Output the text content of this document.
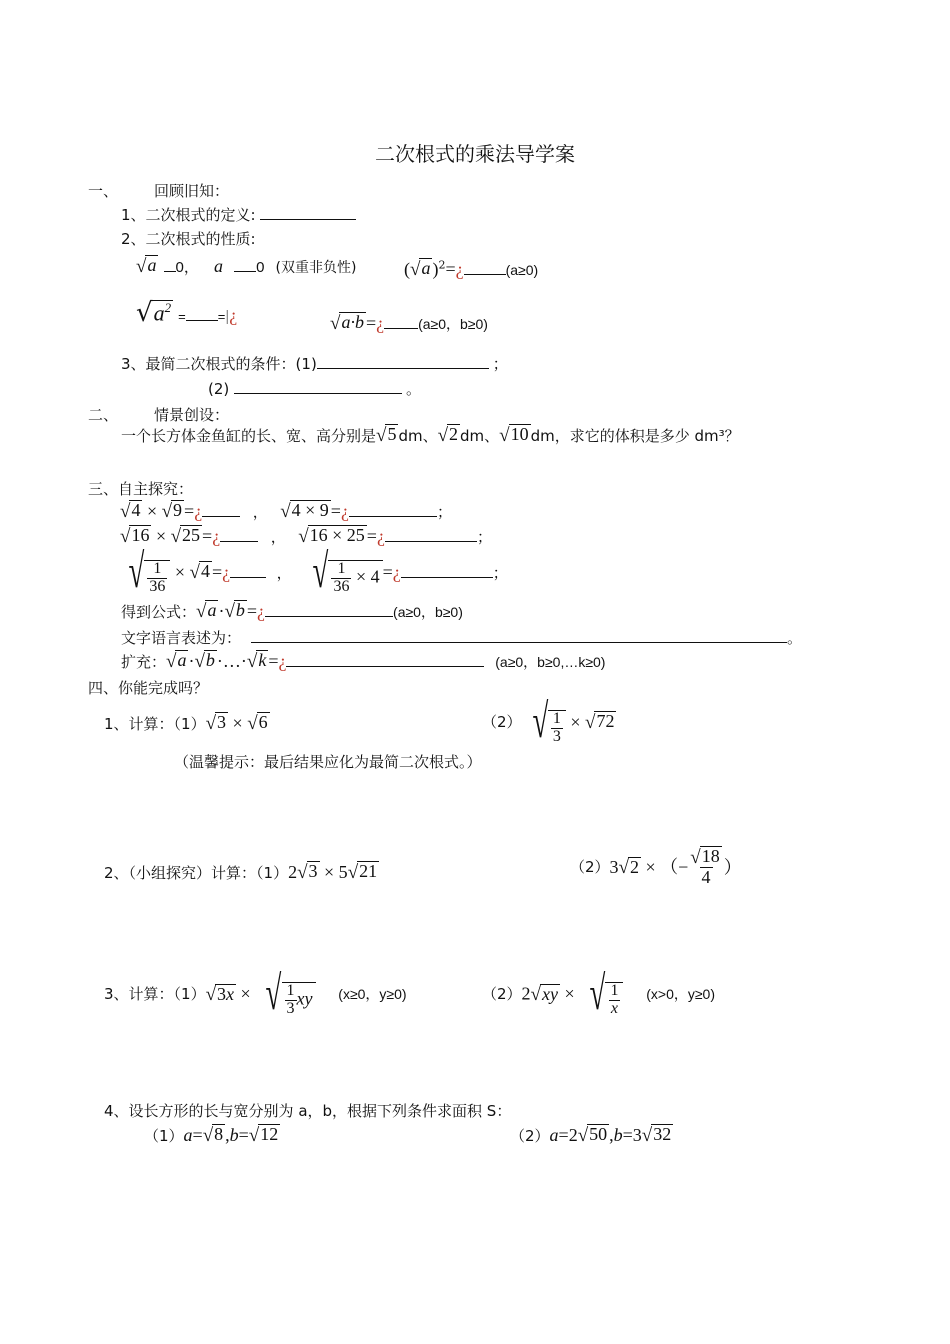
二次根式的乘法导学案
一、 回顾旧知：
1、二次根式的定义:
2、二次根式的性质:
√ a 0， a 0 (双重非负性)	( √ a )$^2$=¿	(a≥0)
√ $a^2$
= =|¿	√ a·b =¿ (a≥0，b≥0)
3、最简二次根式的条件：(1)	；
(2)	。
二、 情景创设：
一个长方体金鱼缸的长、宽、高分别是 √ 5 dm、 √ 2 dm、 √ 10 dm，求它的体积是多少 dm³？
三、自主探究：
√ 4 × √ 9 =¿	， √ 4 × 9 =¿	；
√ 16 × √ 25 =¿	， √ 16 × 25 =¿	；
√ $\frac{1}{36}$ × √ 4 =¿	， √ $\frac{1}{36} \times 4$ =¿	；
得到公式： √ a · √ b =¿	(a≥0，b≥0)
文字语言表述为：	。
扩充： √ a · √ b ·…· √ k =¿	(a≥0，b≥0,…k≥0)
四、你能完成吗？
1、计算：（1） √ 3 × √ 6	（2） √ $\frac{1}{3}$ × √ 72
（温馨提示：最后结果应化为最简二次根式。）
2、（小组探究）计算：（1）2 √ 3 × 5 √ 21	（2）3 √ 2 × （− $\frac{√ 18}{4}$ ）
3、计算：（1） √ 3x × √ $\frac{1}{3}$ xy (x≥0，y≥0)	（2）2 √ xy × √ $\frac{1}{x} (x>0$，y≥0)
4、设长方形的长与宽分别为 a，b，根据下列条件求面积 S：
（1）a= √ 8 ,b= √ 12	（2）a=2 √ 50 ,b=3 √ 32
